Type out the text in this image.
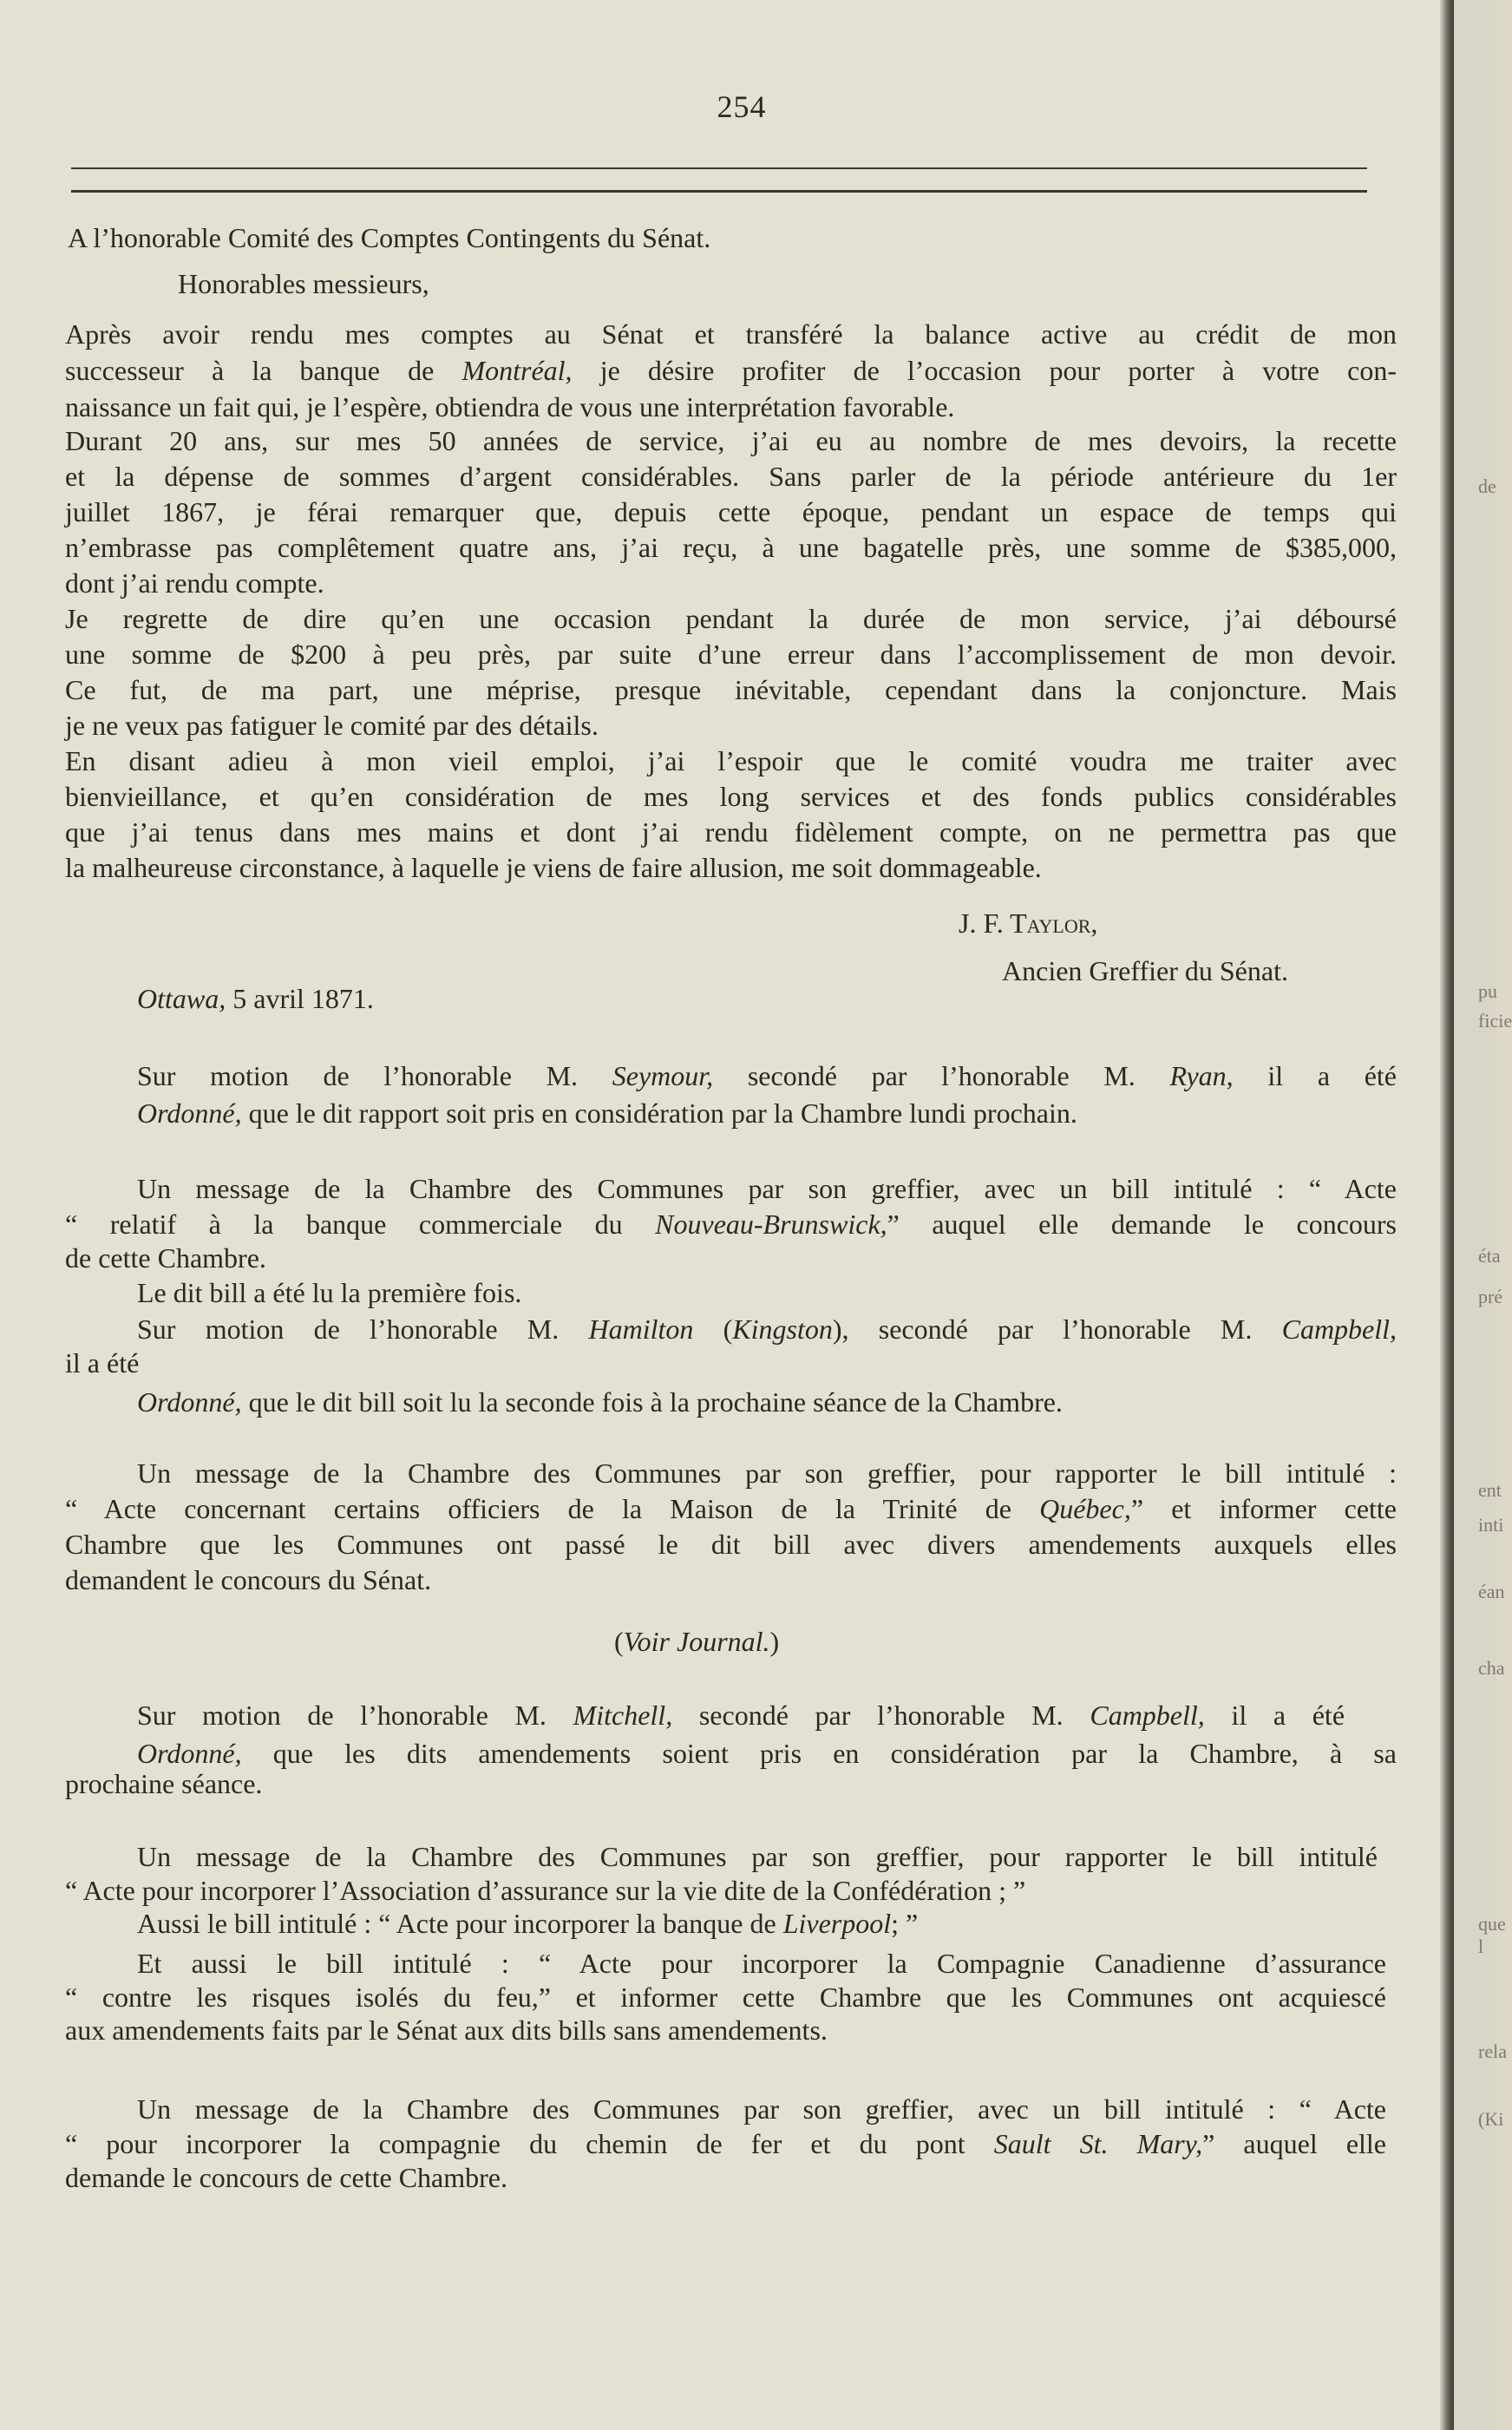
de
pu
ficie
éta
pré
ent
inti
éan
cha
que l
rela
(Ki
254
A l’honorable Comité des Comptes Contingents du Sénat.
Honorables messieurs,
Après avoir rendu mes comptes au Sénat et transféré la balance active au crédit de mon
successeur à la banque de Montréal, je désire profiter de l’occasion pour porter à votre con-
naissance un fait qui, je l’espère, obtiendra de vous une interprétation favorable.
Durant 20 ans, sur mes 50 années de service, j’ai eu au nombre de mes devoirs, la recette
et la dépense de sommes d’argent considérables. Sans parler de la période antérieure du 1er
juillet 1867, je férai remarquer que, depuis cette époque, pendant un espace de temps qui
n’embrasse pas complêtement quatre ans, j’ai reçu, à une bagatelle près, une somme de $385,000,
dont j’ai rendu compte.
Je regrette de dire qu’en une occasion pendant la durée de mon service, j’ai déboursé
une somme de $200 à peu près, par suite d’une erreur dans l’accomplissement de mon devoir.
Ce fut, de ma part, une méprise, presque inévitable, cependant dans la conjoncture. Mais
je ne veux pas fatiguer le comité par des détails.
En disant adieu à mon vieil emploi, j’ai l’espoir que le comité voudra me traiter avec
bienvieillance, et qu’en considération de mes long services et des fonds publics considérables
que j’ai tenus dans mes mains et dont j’ai rendu fidèlement compte, on ne permettra pas que
la malheureuse circonstance, à laquelle je viens de faire allusion, me soit dommageable.
J. F. Taylor,
Ancien Greffier du Sénat.
Ottawa, 5 avril 1871.
Sur motion de l’honorable M. Seymour, secondé par l’honorable M. Ryan, il a été
Ordonné, que le dit rapport soit pris en considération par la Chambre lundi prochain.
Un message de la Chambre des Communes par son greffier, avec un bill intitulé : “ Acte
“ relatif à la banque commerciale du Nouveau-Brunswick,” auquel elle demande le concours
de cette Chambre.
Le dit bill a été lu la première fois.
Sur motion de l’honorable M. Hamilton (Kingston), secondé par l’honorable M. Campbell,
il a été
Ordonné, que le dit bill soit lu la seconde fois à la prochaine séance de la Chambre.
Un message de la Chambre des Communes par son greffier, pour rapporter le bill intitulé :
“ Acte concernant certains officiers de la Maison de la Trinité de Québec,” et informer cette
Chambre que les Communes ont passé le dit bill avec divers amendements auxquels elles
demandent le concours du Sénat.
(Voir Journal.)
Sur motion de l’honorable M. Mitchell, secondé par l’honorable M. Campbell, il a été
Ordonné, que les dits amendements soient pris en considération par la Chambre, à sa
prochaine séance.
Un message de la Chambre des Communes par son greffier, pour rapporter le bill intitulé
“ Acte pour incorporer l’Association d’assurance sur la vie dite de la Confédération ; ”
Aussi le bill intitulé : “ Acte pour incorporer la banque de Liverpool; ”
Et aussi le bill intitulé : “ Acte pour incorporer la Compagnie Canadienne d’assurance
“ contre les risques isolés du feu,” et informer cette Chambre que les Communes ont acquiescé
aux amendements faits par le Sénat aux dits bills sans amendements.
Un message de la Chambre des Communes par son greffier, avec un bill intitulé : “ Acte
“ pour incorporer la compagnie du chemin de fer et du pont Sault St. Mary,” auquel elle
demande le concours de cette Chambre.
